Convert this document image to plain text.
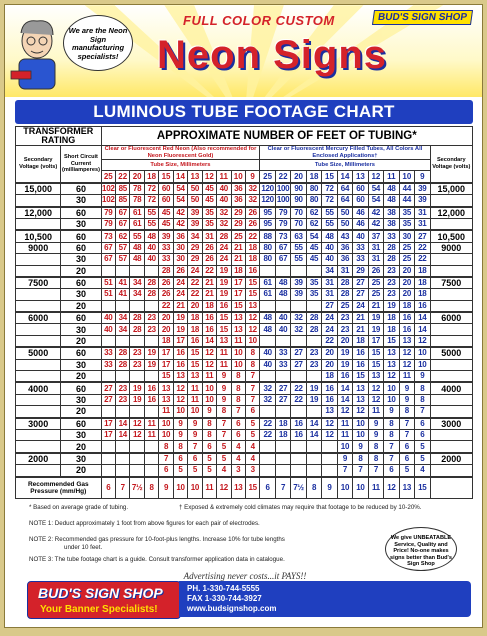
We are the Neon Sign manufacturing specialists!
FULL COLOR CUSTOM	BUD'S SIGN SHOP
Neon Signs
LUMINOUS TUBE FOOTAGE CHART
TRANSFORMER RATING		APPROXIMATE NUMBER OF FEET OF TUBING*																						
Secondary Voltage (volts)	Short Circuit Current (milliamperes)	Clear or Fluorescent Red Neon (Also recommended for Neon Fluorescent Gold)											Clear or Fluorescent Mercury Filled Tubes, All Colors All Enclosed Applications†											Secondary Voltage (volts)
		Tube Size, Millimeters											Tube Size, Millimeters											
		25	22	20	18	15	14	13	12	11	10	9	25	22	20	18	15	14	13	12	11	10	9	
15,000	60	102	85	78	72	60	54	50	45	40	36	32	120	100	90	80	72	64	60	54	48	44	39	15,000
	30	102	85	78	72	60	54	50	45	40	36	32	120	100	90	80	72	64	60	54	48	44	39	
12,000	60	79	67	61	55	45	42	39	35	32	29	26	95	79	70	62	55	50	46	42	38	35	31	12,000
	30	79	67	61	55	45	42	39	35	32	29	26	95	79	70	62	55	50	46	42	38	35	31	
10,500	60	73	62	55	48	39	36	34	31	28	25	22	88	73	63	54	48	43	40	37	33	30	27	10,500
9000	60	67	57	48	40	33	30	29	26	24	21	18	80	67	55	45	40	36	33	31	28	25	22	9000
	30	67	57	48	40	33	30	29	26	24	21	18	80	67	55	45	40	36	33	31	28	25	22	
	20					28	26	24	22	19	18	16					34	31	29	26	23	20	18	
7500	60	51	41	34	28	26	24	22	21	19	17	15	61	48	39	35	31	28	27	25	23	20	18	7500
	30	51	41	34	28	26	24	22	21	19	17	15	61	48	39	35	31	28	27	25	23	20	18	
	20					22	21	20	18	16	15	13					27	25	24	21	19	18	16	
6000	60	40	34	28	23	20	19	18	16	15	13	12	48	40	32	28	24	23	21	19	18	16	14	6000
	30	40	34	28	23	20	19	18	16	15	13	12	48	40	32	28	24	23	21	19	18	16	14	
	20					18	17	16	14	13	11	10					22	20	18	17	15	13	12	
5000	60	33	28	23	19	17	16	15	12	11	10	8	40	33	27	23	20	19	16	15	13	12	10	5000
	30	33	28	23	19	17	16	15	12	11	10	8	40	33	27	23	20	19	16	15	13	12	10	
	20					15	13	13	11	9	8	7					18	16	15	13	12	11	9	
4000	60	27	23	19	16	13	12	11	10	9	8	7	32	27	22	19	16	14	13	12	10	9	8	4000
	30	27	23	19	16	13	12	11	10	9	8	7	32	27	22	19	16	14	13	12	10	9	8	
	20					11	10	10	9	8	7	6					13	12	12	11	9	8	7	
3000	60	17	14	12	11	10	9	9	8	7	6	5	22	18	16	14	12	11	10	9	8	7	6	3000
	30	17	14	12	11	10	9	9	8	7	6	5	22	18	16	14	12	11	10	9	8	7	6	
	20					8	8	7	6	5	4	4						10	9	8	7	6	5	
2000	30					7	6	6	5	5	4	4						9	8	8	7	6	5	2000
	20					6	5	5	5	4	3	3						7	7	7	6	5	4	
Recommended Gas Pressure (mm/Hg)		6	7	7½	8	9	10	10	11	12	13	15	6	7	7½	8	9	10	10	11	12	13	15	
* Based on average grade of tubing.	† Exposed & extremely cold climates may require that footage to be reduced by 10-20%.
NOTE 1: Deduct approximately 1 foot from above figures for each pair of electrodes.
NOTE 2: Recommended gas pressure for 10-foot-plus lengths. Increase 10% for tube lengths
under 10 feet.
NOTE 3: The tube footage chart is a guide. Consult transformer application data in catalogue.
We give UNBEATABLE Service, Quality and Price! No-one makes signs better than Bud's Sign Shop
Advertising never costs...it PAYS!!
BUD'S SIGN SHOP
Your Banner Specialists!
PH. 1-330-744-5555
FAX 1-330-744-3927
www.budsignshop.com
